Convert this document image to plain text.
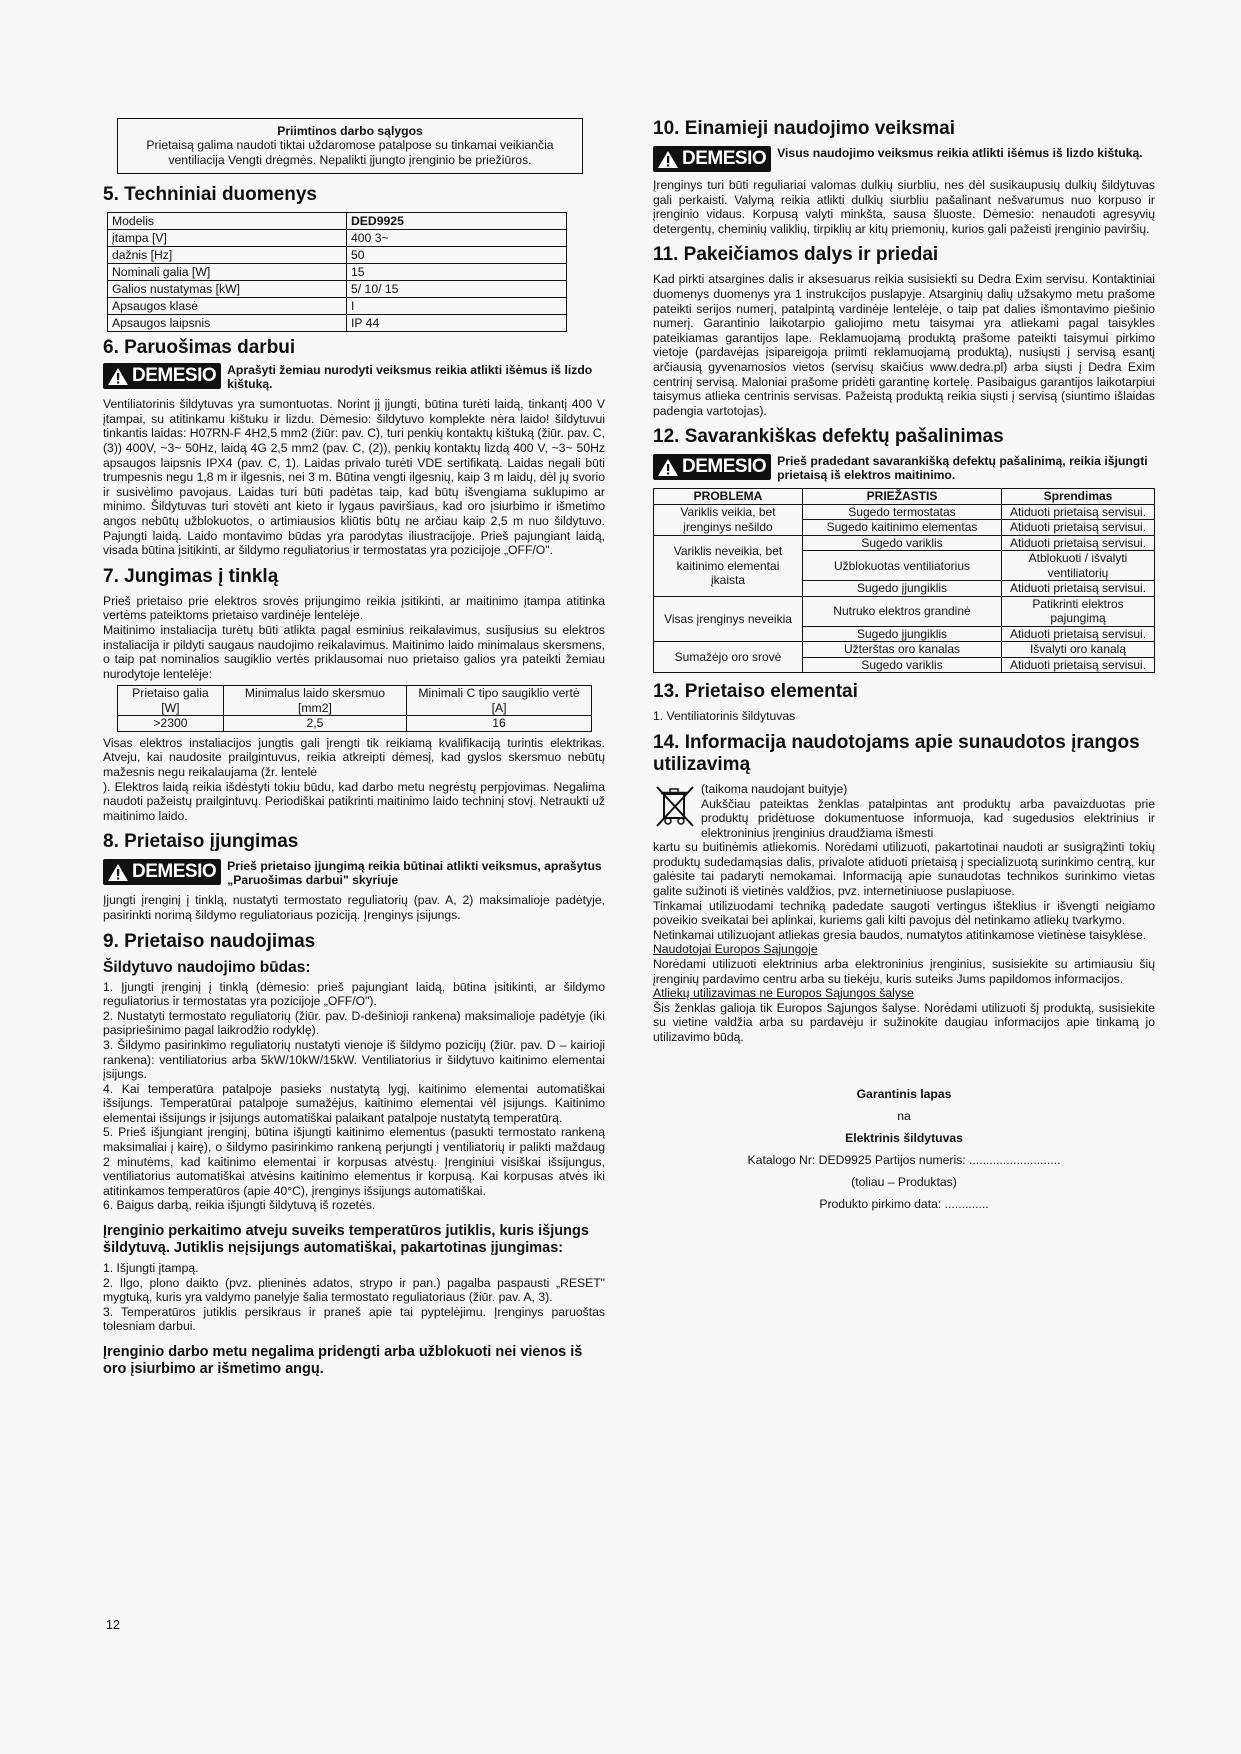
Priimtinos darbo sąlygos

Prietaisą galima naudoti tiktai uždaromose patalpose su tinkamai veikiančia ventiliacija Vengti drėgmės. Nepalikti įjungto įrenginio be priežiūros.

5. Techniniai duomenys
Modelis	DED9925
įtampa [V]	400 3~
dažnis [Hz]	50
Nominali galia [W]	15
Galios nustatymas [kW]	5/ 10/ 15
Apsaugos klasė	I
Apsaugos laipsnis	IP 44
6. Paruošimas darbui
DEMESIO Aprašyti žemiau nurodyti veiksmus reikia atlikti išėmus iš lizdo kištuką.

Ventiliatorinis šildytuvas yra sumontuotas. Norint jį įjungti, būtina turėti laidą, tinkantį 400 V įtampai, su atitinkamu kištuku ir lizdu. Dėmesio: šildytuvo komplekte nėra laido! šildytuvui tinkantis laidas: H07RN-F 4H2,5 mm2 (žiūr: pav. C), turi penkių kontaktų kištuką (žiūr. pav. C, (3)) 400V, ~3~ 50Hz, laidą 4G 2,5 mm2 (pav. C, (2)), penkių kontaktų lizdą 400 V, ~3~ 50Hz apsaugos laipsnis IPX4 (pav. C, 1). Laidas privalo turėti VDE sertifikatą. Laidas negali būti trumpesnis negu 1,8 m ir ilgesnis, nei 3 m. Būtina vengti ilgesnių, kaip 3 m laidų, dėl jų svorio ir susivėlimo pavojaus. Laidas turi būti padėtas taip, kad būtų išvengiama suklupimo ar minimo. Šildytuvas turi stovėti ant kieto ir lygaus paviršiaus, kad oro įsiurbimo ir išmetimo angos nebūtų užblokuotos, o artimiausios kliūtis būtų ne arčiau kaip 2,5 m nuo šildytuvo. Pajungti laidą. Laido montavimo būdas yra parodytas iliustracijoje. Prieš pajungiant laidą, visada būtina įsitikinti, ar šildymo reguliatorius ir termostatas yra pozicijoje „OFF/O".

7. Jungimas į tinklą

Prieš prietaiso prie elektros srovės prijungimo reikia įsitikinti, ar maitinimo įtampa atitinka vertėms pateiktoms prietaiso vardinėje lentelėje.

Maitinimo instaliacija turėtų būti atlikta pagal esminius reikalavimus, susijusius su elektros instaliacija ir pildyti saugaus naudojimo reikalavimus. Maitinimo laido minimalaus skersmens, o taip pat nominalios saugiklio vertės priklausomai nuo prietaiso galios yra pateikti žemiau nurodytoje lentelėje:

Prietaiso galia [W]	Minimalus laido skersmuo [mm2]	Minimali C tipo saugiklio vertė [A]
>2300	2,5	16

Visas elektros instaliacijos jungtis gali įrengti tik reikiamą kvalifikaciją turintis elektrikas. Atveju, kai naudosite prailgintuvus, reikia atkreipti dėmesį, kad gyslos skersmuo nebūtų mažesnis negu reikalaujama (žr. lentelė

). Elektros laidą reikia išdėstyti tokiu būdu, kad darbo metu negrėstų perpjovimas. Negalima naudoti pažeistų prailgintuvų. Periodiškai patikrinti maitinimo laido techninį stovį. Netraukti už maitinimo laido.

8. Prietaiso įjungimas
DEMESIO Prieš prietaiso įjungimą reikia būtinai atlikti veiksmus, aprašytus „Paruošimas darbui" skyriuje

Įjungti įrenginį į tinklą, nustatyti termostato reguliatorių (pav. A, 2) maksimalioje padėtyje, pasirinkti norimą šildymo reguliatoriaus poziciją. Įrenginys įsijungs.

9. Prietaiso naudojimas
Šildytuvo naudojimo būdas:

1. Įjungti įrenginį į tinklą (dėmesio: prieš pajungiant laidą, būtina įsitikinti, ar šildymo reguliatorius ir termostatas yra pozicijoje „OFF/O").

2. Nustatyti termostato reguliatorių (žiūr. pav. D-dešinioji rankena) maksimalioje padėtyje (iki pasipriešinimo pagal laikrodžio rodyklę).

3. Šildymo pasirinkimo reguliatorių nustatyti vienoje iš šildymo pozicijų (žiūr. pav. D – kairioji rankena): ventiliatorius arba 5kW/10kW/15kW. Ventiliatorius ir šildytuvo kaitinimo elementai įsijungs.

4. Kai temperatūra patalpoje pasieks nustatytą lygį, kaitinimo elementai automatiškai išsijungs. Temperatūrai patalpoje sumažėjus, kaitinimo elementai vėl įsijungs. Kaitinimo elementai išsijungs ir įsijungs automatiškai palaikant patalpoje nustatytą temperatūrą.

5. Prieš išjungiant įrenginį, būtina išjungti kaitinimo elementus (pasukti termostato rankeną maksimaliai į kairę), o šildymo pasirinkimo rankeną perjungti į ventiliatorių ir palikti maždaug 2 minutėms, kad kaitinimo elementai ir korpusas atvėstų. Įrenginiui visiškai išsijungus, ventiliatorius automatiškai atvėsins kaitinimo elementus ir korpusą. Kai korpusas atvės iki atitinkamos temperatūros (apie 40°C), įrenginys išsijungs automatiškai.

6. Baigus darbą, reikia išjungti šildytuvą iš rozetės.

Įrenginio perkaitimo atveju suveiks temperatūros jutiklis, kuris išjungs šildytuvą. Jutiklis neįsijungs automatiškai, pakartotinas įjungimas:

1. Išjungti įtampą.

2. Ilgo, plono daikto (pvz. plieninės adatos, strypo ir pan.) pagalba paspausti „RESET" mygtuką, kuris yra valdymo panelyje šalia termostato reguliatoriaus (žiūr. pav. A, 3).

3. Temperatūros jutiklis persikraus ir praneš apie tai pyptelėjimu. Įrenginys paruoštas tolesniam darbui.

Įrenginio darbo metu negalima pridengti arba užblokuoti nei vienos iš oro įsiurbimo ar išmetimo angų.

10. Einamieji naudojimo veiksmai
DEMESIO Visus naudojimo veiksmus reikia atlikti išėmus iš lizdo kištuką.

Įrenginys turi būti reguliariai valomas dulkių siurbliu, nes dėl susikaupusių dulkių šildytuvas gali perkaisti. Valymą reikia atlikti dulkių siurbliu pašalinant nešvarumus nuo korpuso ir įrenginio vidaus. Korpusą valyti minkšta, sausa šluoste. Dėmesio: nenaudoti agresyvių detergentų, cheminių valiklių, tirpiklių ar kitų priemonių, kurios gali pažeisti įrenginio paviršių.

11. Pakeičiamos dalys ir priedai

Kad pirkti atsargines dalis ir aksesuarus reikia susisiekti su Dedra Exim servisu. Kontaktiniai duomenys duomenys yra 1 instrukcijos puslapyje. Atsarginių dalių užsakymo metu prašome pateikti serijos numerį, patalpintą vardinėje lentelėje, o taip pat dalies išmontavimo piešinio numerį. Garantinio laikotarpio galiojimo metu taisymai yra atliekami pagal taisykles pateikiamas garantijos lape. Reklamuojamą produktą prašome pateikti taisymui pirkimo vietoje (pardavėjas įsipareigoja priimti reklamuojamą produktą), nusiųsti į servisą esantį arčiausią gyvenamosios vietos (servisų skaičius www.dedra.pl) arba siųsti į Dedra Exim centrinį servisą. Maloniai prašome pridėti garantinę kortelę. Pasibaigus garantijos laikotarpiui taisymus atlieka centrinis servisas. Pažeistą produktą reikia siųsti į servisą (siuntimo išlaidas padengia vartotojas).

12. Savarankiškas defektų pašalinimas
DEMESIO Prieš pradedant savarankišką defektų pašalinimą, reikia išjungti prietaisą iš elektros maitinimo.
PROBLEMA	PRIEŽASTIS	Sprendimas
Variklis veikia, bet įrenginys nešildo	Sugedo termostatas	Atiduoti prietaisą servisui.
	Sugedo kaitinimo elementas	Atiduoti prietaisą servisui.
Variklis neveikia, bet kaitinimo elementai įkaista	Sugedo variklis	Atiduoti prietaisą servisui.
	Užblokuotas ventiliatorius	Atblokuoti / išvalyti ventiliatorių
	Sugedo įjungiklis	Atiduoti prietaisą servisui.
Visas įrenginys neveikia	Nutruko elektros grandinė	Patikrinti elektros pajungimą
	Sugedo įjungiklis	Atiduoti prietaisą servisui.
Sumažėjo oro srovė	Užterštas oro kanalas	Išvalyti oro kanalą
	Sugedo variklis	Atiduoti prietaisą servisui.
13. Prietaiso elementai

1. Ventiliatorinis šildytuvas

14. Informacija naudotojams apie sunaudotos įrangos utilizavimą

(taikoma naudojant buityje)

Aukščiau pateiktas ženklas patalpintas ant produktų arba pavaizduotas prie produktų pridėtuose dokumentuose informuoja, kad sugedusios elektrinius ir elektroninius įrenginius draudžiama išmesti

kartu su buitinėmis atliekomis. Norėdami utilizuoti, pakartotinai naudoti ar susigrąžinti tokių produktų sudedamąsias dalis, privalote atiduoti prietaisą į specializuotą surinkimo centrą, kur galėsite tai padaryti nemokamai. Informaciją apie sunaudotas technikos surinkimo vietas galite sužinoti iš vietinės valdžios, pvz. internetiniuose puslapiuose.

Tinkamai utilizuodami techniką padedate saugoti vertingus išteklius ir išvengti neigiamo poveikio sveikatai bei aplinkai, kuriems gali kilti pavojus dėl netinkamo atliekų tvarkymo.

Netinkamai utilizuojant atliekas gresia baudos, numatytos atitinkamose vietinėse taisyklėse.

Naudotojai Europos Sąjungoje

Norėdami utilizuoti elektrinius arba elektroninius įrenginius, susisiekite su artimiausiu šių įrenginių pardavimo centru arba su tiekėju, kuris suteiks Jums papildomos informacijos.

Atliekų utilizavimas ne Europos Sąjungos šalyse

Šis ženklas galioja tik Europos Sąjungos šalyse. Norėdami utilizuoti šį produktą, susisiekite su vietine valdžia arba su pardavėju ir sužinokite daugiau informacijos apie tinkamą jo utilizavimo būdą.

Garantinis lapas

na

Elektrinis šildytuvas

Katalogo Nr: DED9925 Partijos numeris: ...........................

(toliau – Produktas)

Produkto pirkimo data: .............

12
